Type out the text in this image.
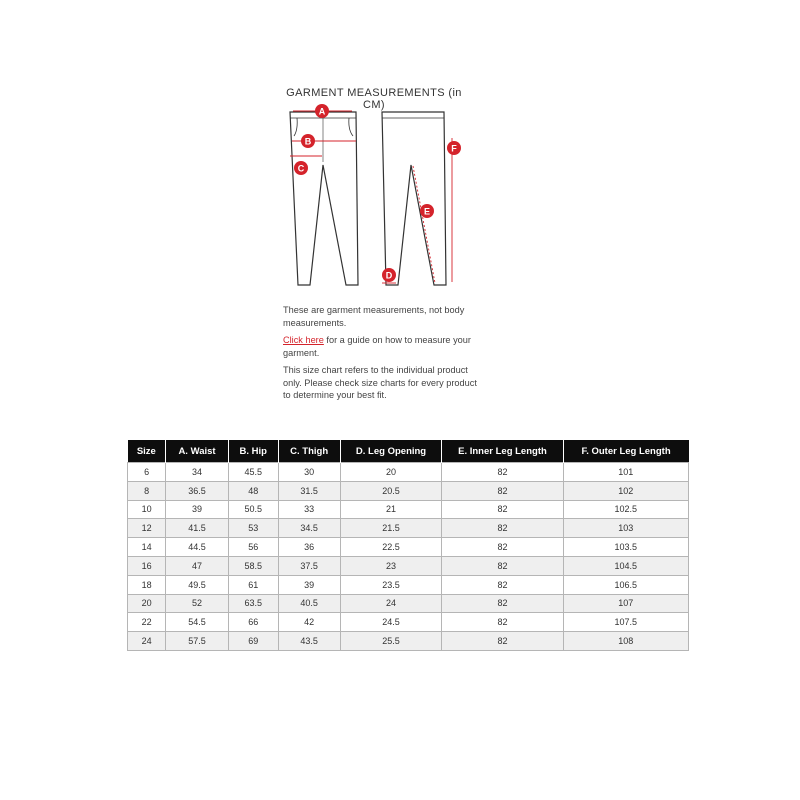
GARMENT MEASUREMENTS (in CM)
A
B
C
D
E
F

These are garment measurements, not body measurements.

Click here for a guide on how to measure your garment.

This size chart refers to the individual product only. Please check size charts for every product to determine your best fit.

Size	A. Waist	B. Hip	C. Thigh	D. Leg Opening	E. Inner Leg Length	F. Outer Leg Length
6	34	45.5	30	20	82	101
8	36.5	48	31.5	20.5	82	102
10	39	50.5	33	21	82	102.5
12	41.5	53	34.5	21.5	82	103
14	44.5	56	36	22.5	82	103.5
16	47	58.5	37.5	23	82	104.5
18	49.5	61	39	23.5	82	106.5
20	52	63.5	40.5	24	82	107
22	54.5	66	42	24.5	82	107.5
24	57.5	69	43.5	25.5	82	108
